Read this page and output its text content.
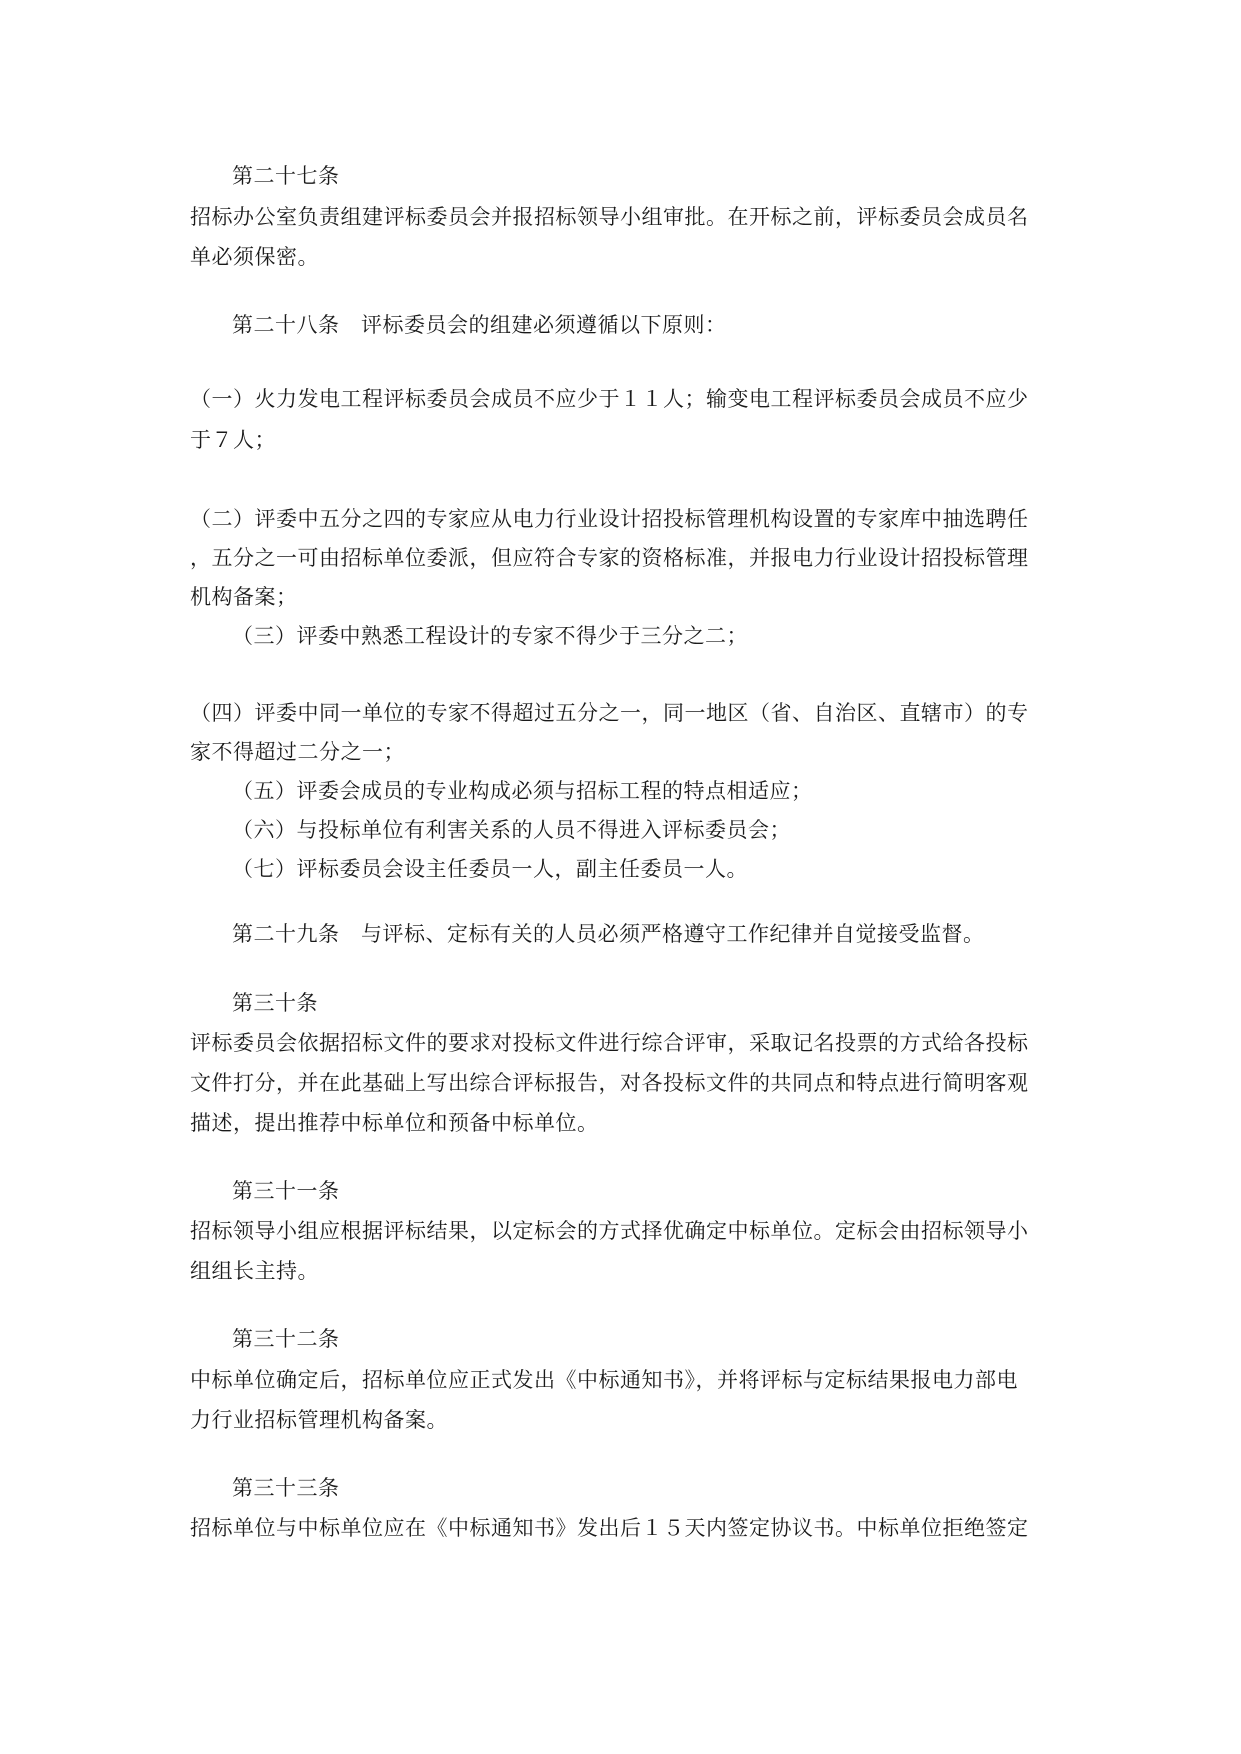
第二十七条
招标办公室负责组建评标委员会并报招标领导小组审批。在开标之前，评标委员会成员名
单必须保密。
第二十八条　评标委员会的组建必须遵循以下原则：
（一）火力发电工程评标委员会成员不应少于１１人；输变电工程评标委员会成员不应少
于７人；
（二）评委中五分之四的专家应从电力行业设计招投标管理机构设置的专家库中抽选聘任
，五分之一可由招标单位委派，但应符合专家的资格标准，并报电力行业设计招投标管理
机构备案；
（三）评委中熟悉工程设计的专家不得少于三分之二；
（四）评委中同一单位的专家不得超过五分之一，同一地区（省、自治区、直辖市）的专
家不得超过二分之一；
（五）评委会成员的专业构成必须与招标工程的特点相适应；
（六）与投标单位有利害关系的人员不得进入评标委员会；
（七）评标委员会设主任委员一人，副主任委员一人。
第二十九条　与评标、定标有关的人员必须严格遵守工作纪律并自觉接受监督。
第三十条
评标委员会依据招标文件的要求对投标文件进行综合评审，采取记名投票的方式给各投标
文件打分，并在此基础上写出综合评标报告，对各投标文件的共同点和特点进行简明客观
描述，提出推荐中标单位和预备中标单位。
第三十一条
招标领导小组应根据评标结果，以定标会的方式择优确定中标单位。定标会由招标领导小
组组长主持。
第三十二条
中标单位确定后，招标单位应正式发出《中标通知书》，并将评标与定标结果报电力部电
力行业招标管理机构备案。
第三十三条
招标单位与中标单位应在《中标通知书》发出后１５天内签定协议书。中标单位拒绝签定
